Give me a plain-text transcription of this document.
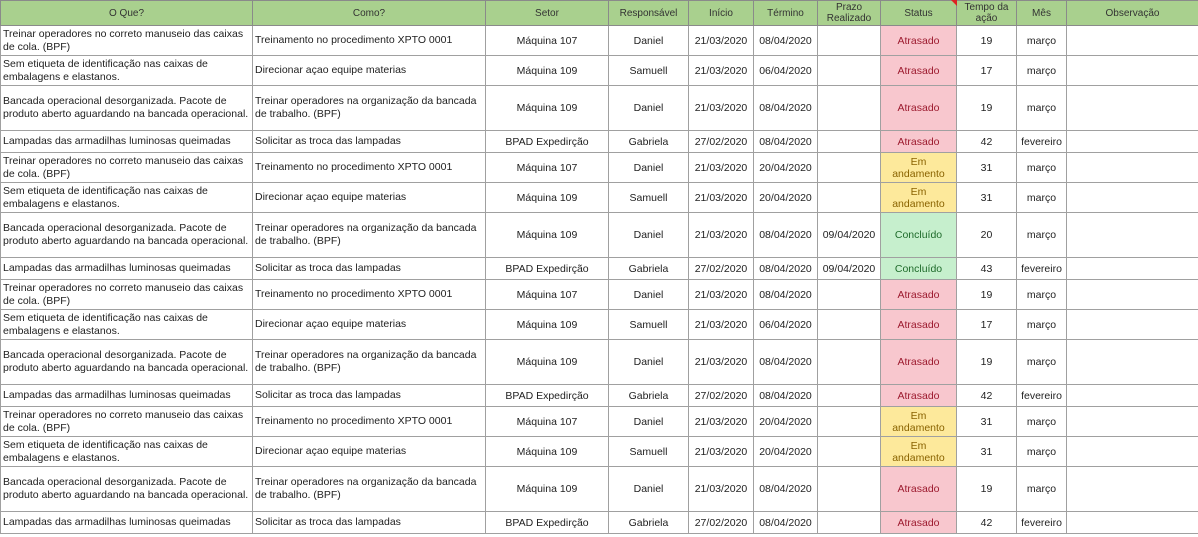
O Que?	Como?	Setor	Responsável	Início	Término	Prazo Realizado	Status	Tempo da ação	Mês	Observação
Treinar operadores no correto manuseio das caixas de cola. (BPF)	Treinamento no procedimento XPTO 0001	Máquina 107	Daniel	21/03/2020	08/04/2020		Atrasado	19	março	
Sem etiqueta de identificação nas caixas de embalagens e elastanos.	Direcionar açao equipe materias	Máquina 109	Samuell	21/03/2020	06/04/2020		Atrasado	17	março	
Bancada operacional desorganizada. Pacote de produto aberto aguardando na bancada operacional.	Treinar operadores na organização da bancada de trabalho. (BPF)	Máquina 109	Daniel	21/03/2020	08/04/2020		Atrasado	19	março	
Lampadas das armadilhas luminosas queimadas	Solicitar as troca das lampadas	BPAD Expedirção	Gabriela	27/02/2020	08/04/2020		Atrasado	42	fevereiro	
Treinar operadores no correto manuseio das caixas de cola. (BPF)	Treinamento no procedimento XPTO 0001	Máquina 107	Daniel	21/03/2020	20/04/2020		Em andamento	31	março	
Sem etiqueta de identificação nas caixas de embalagens e elastanos.	Direcionar açao equipe materias	Máquina 109	Samuell	21/03/2020	20/04/2020		Em andamento	31	março	
Bancada operacional desorganizada. Pacote de produto aberto aguardando na bancada operacional.	Treinar operadores na organização da bancada de trabalho. (BPF)	Máquina 109	Daniel	21/03/2020	08/04/2020	09/04/2020	Concluído	20	março	
Lampadas das armadilhas luminosas queimadas	Solicitar as troca das lampadas	BPAD Expedirção	Gabriela	27/02/2020	08/04/2020	09/04/2020	Concluído	43	fevereiro	
Treinar operadores no correto manuseio das caixas de cola. (BPF)	Treinamento no procedimento XPTO 0001	Máquina 107	Daniel	21/03/2020	08/04/2020		Atrasado	19	março	
Sem etiqueta de identificação nas caixas de embalagens e elastanos.	Direcionar açao equipe materias	Máquina 109	Samuell	21/03/2020	06/04/2020		Atrasado	17	março	
Bancada operacional desorganizada. Pacote de produto aberto aguardando na bancada operacional.	Treinar operadores na organização da bancada de trabalho. (BPF)	Máquina 109	Daniel	21/03/2020	08/04/2020		Atrasado	19	março	
Lampadas das armadilhas luminosas queimadas	Solicitar as troca das lampadas	BPAD Expedirção	Gabriela	27/02/2020	08/04/2020		Atrasado	42	fevereiro	
Treinar operadores no correto manuseio das caixas de cola. (BPF)	Treinamento no procedimento XPTO 0001	Máquina 107	Daniel	21/03/2020	20/04/2020		Em andamento	31	março	
Sem etiqueta de identificação nas caixas de embalagens e elastanos.	Direcionar açao equipe materias	Máquina 109	Samuell	21/03/2020	20/04/2020		Em andamento	31	março	
Bancada operacional desorganizada. Pacote de produto aberto aguardando na bancada operacional.	Treinar operadores na organização da bancada de trabalho. (BPF)	Máquina 109	Daniel	21/03/2020	08/04/2020		Atrasado	19	março	
Lampadas das armadilhas luminosas queimadas	Solicitar as troca das lampadas	BPAD Expedirção	Gabriela	27/02/2020	08/04/2020		Atrasado	42	fevereiro	
